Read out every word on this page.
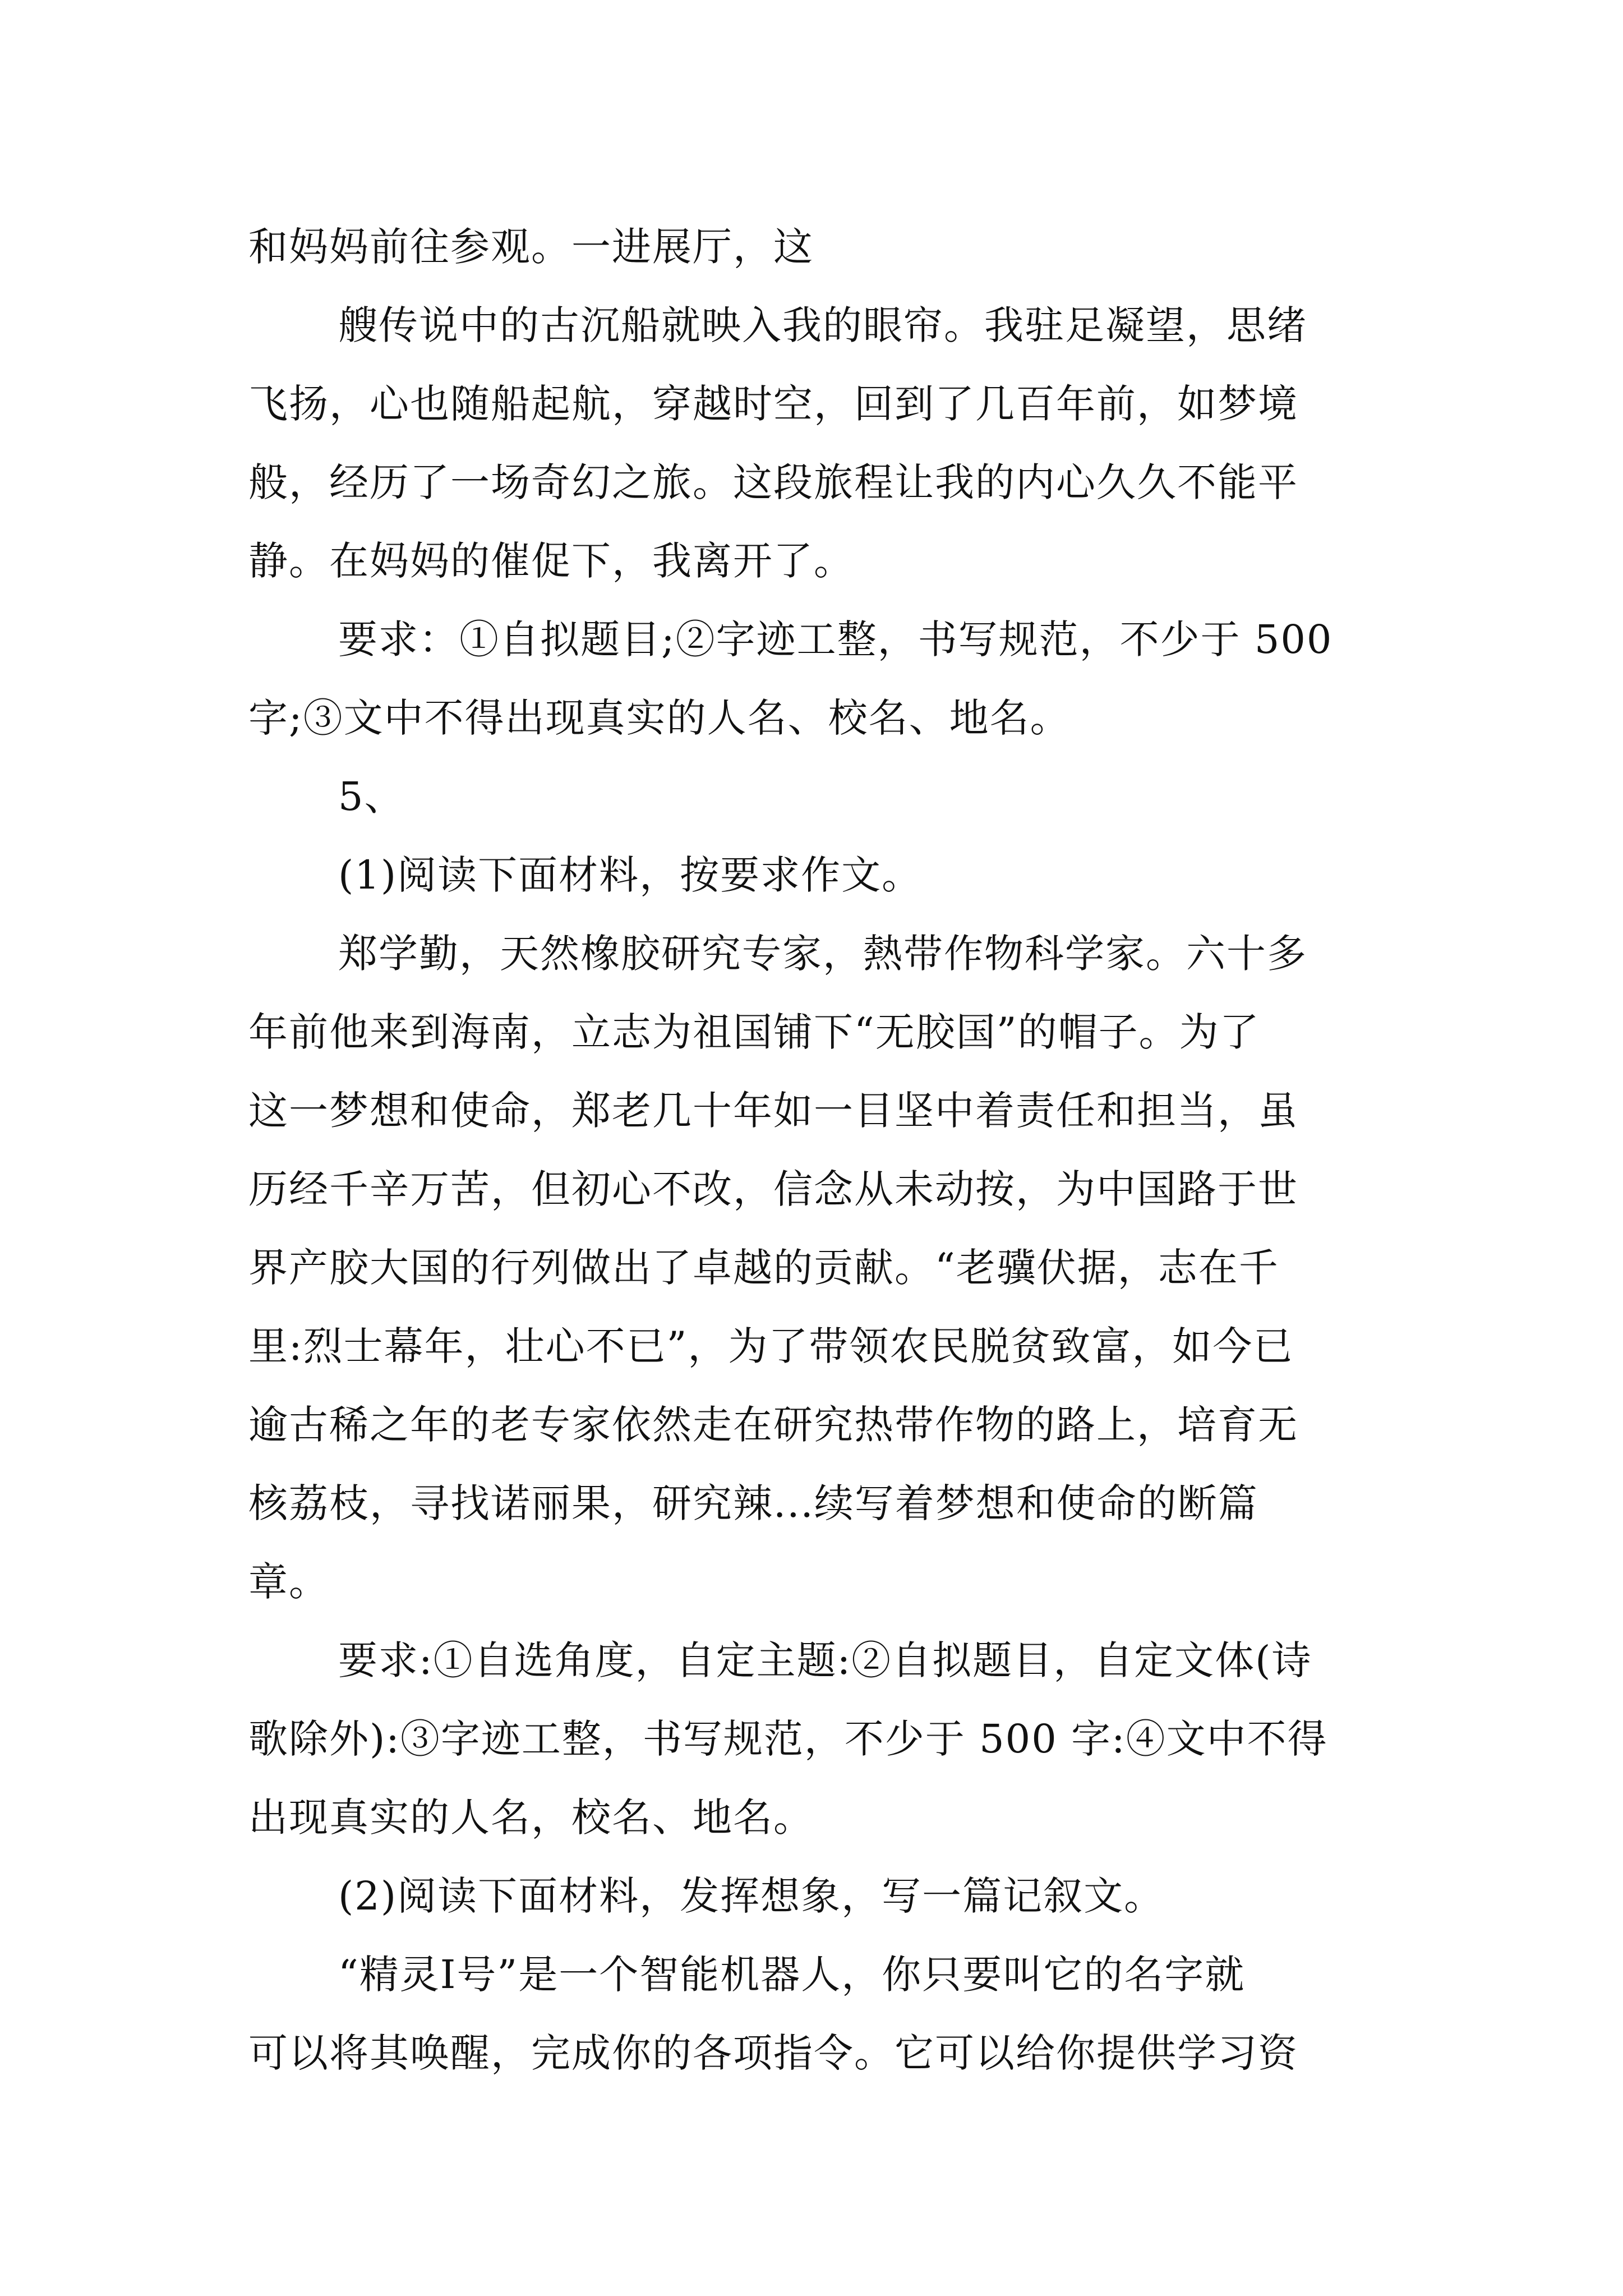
和妈妈前往参观。一进展厅，这
艘传说中的古沉船就映入我的眼帘。我驻足凝望，思绪
飞扬，心也随船起航，穿越时空，回到了几百年前，如梦境
般，经历了一场奇幻之旅。这段旅程让我的内心久久不能平
静。在妈妈的催促下，我离开了。
要求：①自拟题目;②字迹工整，书写规范，不少于 500
字;③文中不得出现真实的人名、校名、地名。
5、
(1)阅读下面材料，按要求作文。
郑学勤，天然橡胶研究专家，熱带作物科学家。六十多
年前他来到海南，立志为祖国铺下“无胶国”的帽子。为了
这一梦想和使命，郑老几十年如一目坚中着责任和担当，虽
历经千辛万苦，但初心不改，信念从未动按，为中国路于世
界产胶大国的行列做出了卓越的贡献。“老骥伏据，志在千
里:烈士幕年，壮心不已”，为了带领农民脱贫致富，如今已
逾古稀之年的老专家依然走在研究热带作物的路上，培育无
核荔枝，寻找诺丽果，研究辣...续写着梦想和使命的断篇
章。
要求:①自选角度，自定主题:②自拟题目，自定文体(诗
歌除外):③字迹工整，书写规范，不少于 500 字:④文中不得
出现真实的人名，校名、地名。
(2)阅读下面材料，发挥想象，写一篇记叙文。
“精灵Ⅰ号”是一个智能机器人，你只要叫它的名字就
可以将其唤醒，完成你的各项指令。它可以给你提供学习资
